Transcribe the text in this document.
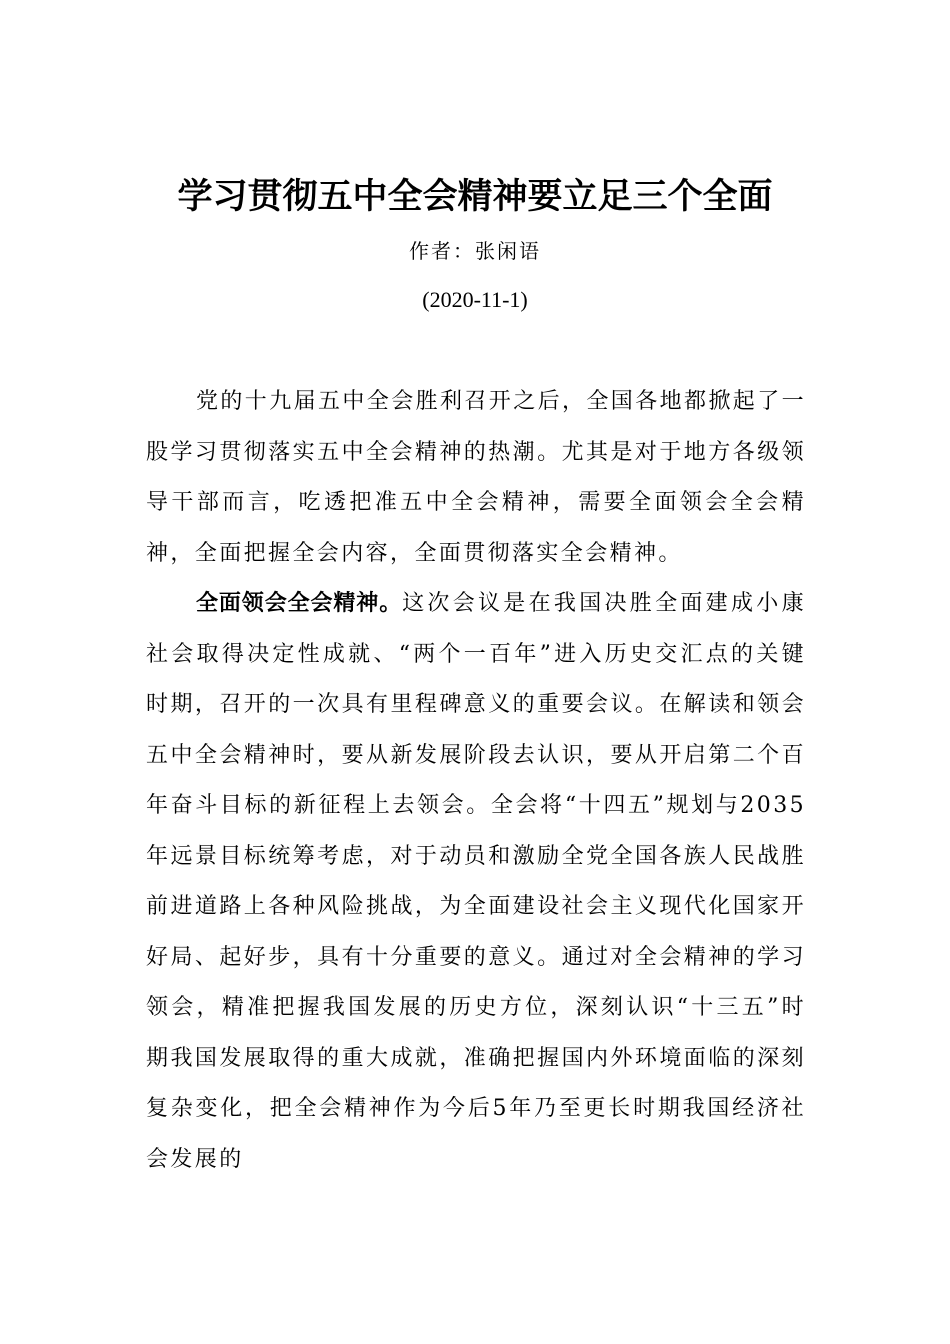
学习贯彻五中全会精神要立足三个全面
作者：张闲语
(2020-11-1)

党的十九届五中全会胜利召开之后，全国各地都掀起了一股学习贯彻落实五中全会精神的热潮。尤其是对于地方各级领导干部而言，吃透把准五中全会精神，需要全面领会全会精神，全面把握全会内容，全面贯彻落实全会精神。

全面领会全会精神。这次会议是在我国决胜全面建成小康社会取得决定性成就、“两个一百年”进入历史交汇点的关键时期，召开的一次具有里程碑意义的重要会议。在解读和领会五中全会精神时，要从新发展阶段去认识，要从开启第二个百年奋斗目标的新征程上去领会。全会将“十四五”规划与2035年远景目标统筹考虑，对于动员和激励全党全国各族人民战胜前进道路上各种风险挑战，为全面建设社会主义现代化国家开好局、起好步，具有十分重要的意义。通过对全会精神的学习领会，精准把握我国发展的历史方位，深刻认识“十三五”时期我国发展取得的重大成就，准确把握国内外环境面临的深刻复杂变化，把全会精神作为今后5年乃至更长时期我国经济社会发展的
